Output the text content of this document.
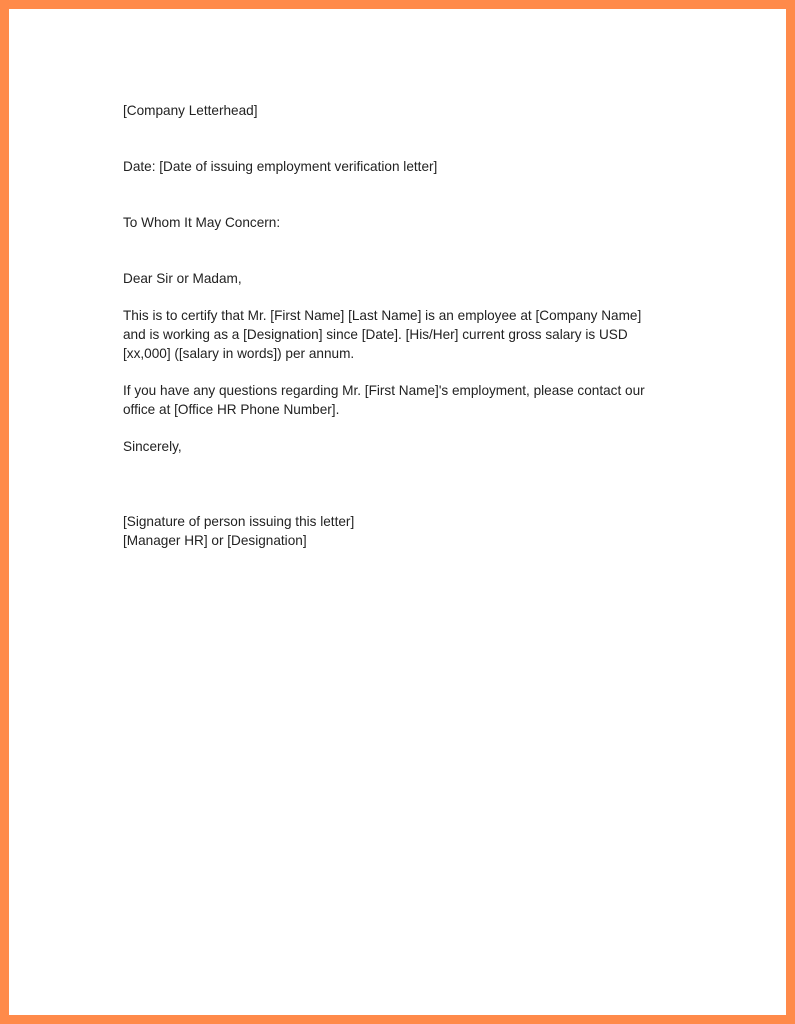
[Company Letterhead]

Date: [Date of issuing employment verification letter]

To Whom It May Concern:

Dear Sir or Madam,

This is to certify that Mr. [First Name] [Last Name] is an employee at [Company Name]
and is working as a [Designation] since [Date]. [His/Her] current gross salary is USD
[xx,000] ([salary in words]) per annum.

If you have any questions regarding Mr. [First Name]'s employment, please contact our
office at [Office HR Phone Number].

Sincerely,

[Signature of person issuing this letter]
[Manager HR] or [Designation]
